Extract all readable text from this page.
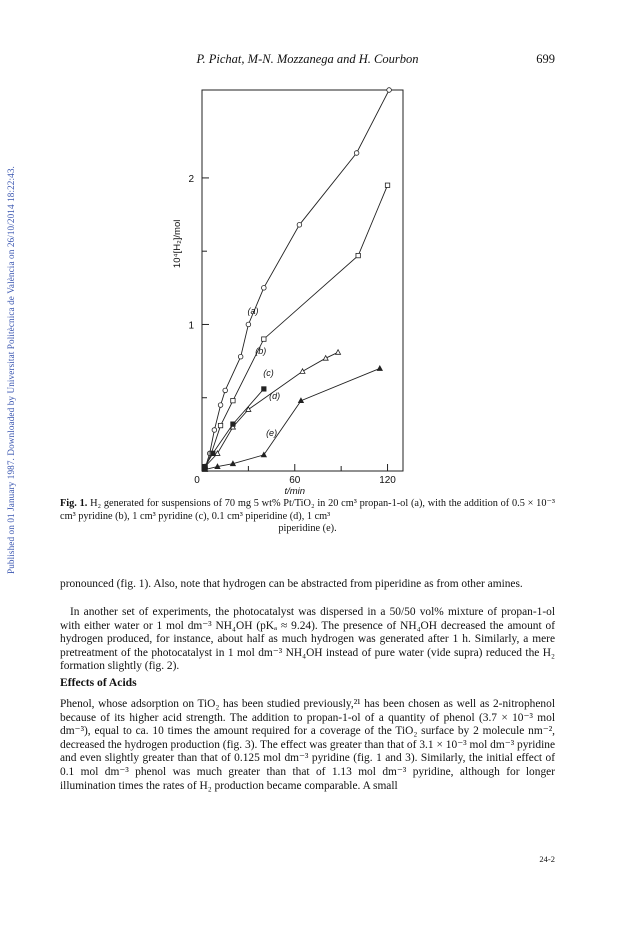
Published on 01 January 1987. Downloaded by Universitat Politècnica de València on 26/10/2014 18:22:43.
P. Pichat, M-N. Mozzanega and H. Courbon	699
1
2
0	60	120
t/min
10⁴[H₂]/mol
(a)
(b)
(c)
(d)
(e)
Fig. 1. H₂ generated for suspensions of 70 mg 5 wt% Pt/TiO₂ in 20 cm³ propan-1-ol (a), with the addition of 0.5 × 10⁻³ cm³ pyridine (b), 1 cm³ pyridine (c), 0.1 cm³ piperidine (d), 1 cm³
piperidine (e).
pronounced (fig. 1). Also, note that hydrogen can be abstracted from piperidine as from other amines.
In another set of experiments, the photocatalyst was dispersed in a 50/50 vol% mixture of propan-1-ol with either water or 1 mol dm⁻³ NH₄OH (pKₐ ≈ 9.24). The presence of NH₄OH decreased the amount of hydrogen produced, for instance, about half as much hydrogen was generated after 1 h. Similarly, a mere pretreatment of the photocatalyst in 1 mol dm⁻³ NH₄OH instead of pure water (vide supra) reduced the H₂ formation slightly (fig. 2).
Effects of Acids
Phenol, whose adsorption on TiO₂ has been studied previously,²¹ has been chosen as well as 2-nitrophenol because of its higher acid strength. The addition to propan-1-ol of a quantity of phenol (3.7 × 10⁻³ mol dm⁻³), equal to ca. 10 times the amount required for a coverage of the TiO₂ surface by 2 molecule nm⁻², decreased the hydrogen production (fig. 3). The effect was greater than that of 3.1 × 10⁻³ mol dm⁻³ pyridine and even slightly greater than that of 0.125 mol dm⁻³ pyridine (fig. 1 and 3). Similarly, the initial effect of 0.1 mol dm⁻³ phenol was much greater than that of 1.13 mol dm⁻³ pyridine, although for longer illumination times the rates of H₂ production became comparable. A small
24-2
